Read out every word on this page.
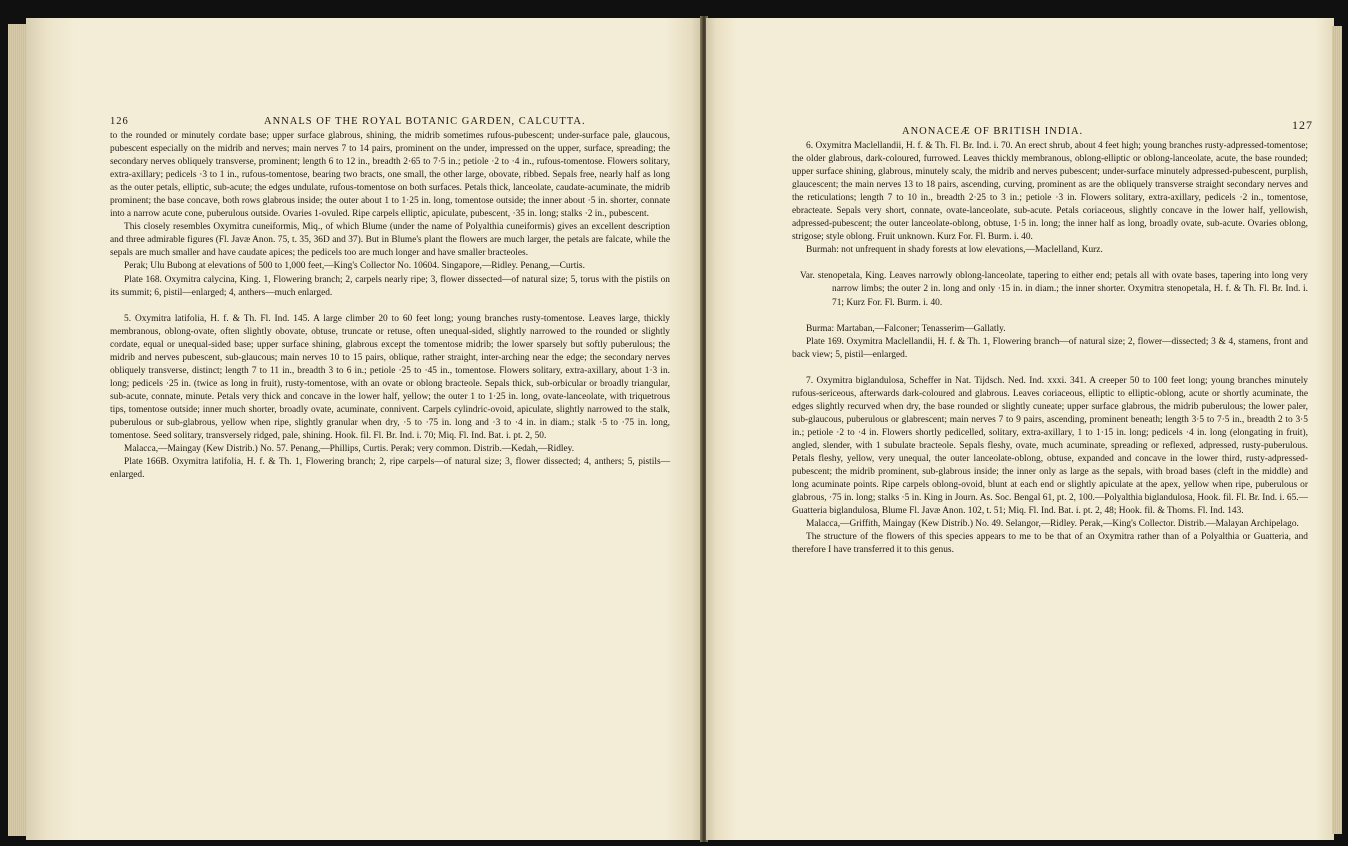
126	ANNALS OF THE ROYAL BOTANIC GARDEN, CALCUTTA.

to the rounded or minutely cordate base; upper surface glabrous, shining, the midrib sometimes rufous-pubescent; under-surface pale, glaucous, pubescent especially on the midrib and nerves; main nerves 7 to 14 pairs, prominent on the under, impressed on the upper, surface, spreading; the secondary nerves obliquely transverse, prominent; length 6 to 12 in., breadth 2·65 to 7·5 in.; petiole ·2 to ·4 in., rufous-tomentose. Flowers solitary, extra-axillary; pedicels ·3 to 1 in., rufous-tomentose, bearing two bracts, one small, the other large, obovate, ribbed. Sepals free, nearly half as long as the outer petals, elliptic, sub-acute; the edges undulate, rufous-tomentose on both surfaces. Petals thick, lanceolate, caudate-acuminate, the midrib prominent; the base concave, both rows glabrous inside; the outer about 1 to 1·25 in. long, tomentose outside; the inner about ·5 in. shorter, connate into a narrow acute cone, puberulous outside. Ovaries 1-ovuled. Ripe carpels elliptic, apiculate, pubescent, ·35 in. long; stalks ·2 in., pubescent.

This closely resembles Oxymitra cuneiformis, Miq., of which Blume (under the name of Polyalthia cuneiformis) gives an excellent description and three admirable figures (Fl. Javæ Anon. 75, t. 35, 36D and 37). But in Blume's plant the flowers are much larger, the petals are falcate, while the sepals are much smaller and have caudate apices; the pedicels too are much longer and have smaller bracteoles.

Perak; Ulu Bubong at elevations of 500 to 1,000 feet,—King's Collector No. 10604. Singapore,—Ridley. Penang,—Curtis.

Plate 168. Oxymitra calycina, King. 1, Flowering branch; 2, carpels nearly ripe; 3, flower dissected—of natural size; 5, torus with the pistils on its summit; 6, pistil—enlarged; 4, anthers—much enlarged.

5. Oxymitra latifolia, H. f. & Th. Fl. Ind. 145. A large climber 20 to 60 feet long; young branches rusty-tomentose. Leaves large, thickly membranous, oblong-ovate, often slightly obovate, obtuse, truncate or retuse, often unequal-sided, slightly narrowed to the rounded or slightly cordate, equal or unequal-sided base; upper surface shining, glabrous except the tomentose midrib; the lower sparsely but softly puberulous; the midrib and nerves pubescent, sub-glaucous; main nerves 10 to 15 pairs, oblique, rather straight, inter-arching near the edge; the secondary nerves obliquely transverse, distinct; length 7 to 11 in., breadth 3 to 6 in.; petiole ·25 to ·45 in., tomentose. Flowers solitary, extra-axillary, about 1·3 in. long; pedicels ·25 in. (twice as long in fruit), rusty-tomentose, with an ovate or oblong bracteole. Sepals thick, sub-orbicular or broadly triangular, sub-acute, connate, minute. Petals very thick and concave in the lower half, yellow; the outer 1 to 1·25 in. long, ovate-lanceolate, with triquetrous tips, tomentose outside; inner much shorter, broadly ovate, acuminate, connivent. Carpels cylindric-ovoid, apiculate, slightly narrowed to the stalk, puberulous or sub-glabrous, yellow when ripe, slightly granular when dry, ·5 to ·75 in. long and ·3 to ·4 in. in diam.; stalk ·5 to ·75 in. long, tomentose. Seed solitary, transversely ridged, pale, shining. Hook. fil. Fl. Br. Ind. i. 70; Miq. Fl. Ind. Bat. i. pt. 2, 50.

Malacca,—Maingay (Kew Distrib.) No. 57. Penang,—Phillips, Curtis. Perak; very common. Distrib.—Kedah,—Ridley.

Plate 166B. Oxymitra latifolia, H. f. & Th. 1, Flowering branch; 2, ripe carpels—of natural size; 3, flower dissected; 4, anthers; 5, pistils—enlarged.

ANONACEÆ OF BRITISH INDIA.	127

6. Oxymitra Maclellandii, H. f. & Th. Fl. Br. Ind. i. 70. An erect shrub, about 4 feet high; young branches rusty-adpressed-tomentose; the older glabrous, dark-coloured, furrowed. Leaves thickly membranous, oblong-elliptic or oblong-lanceolate, acute, the base rounded; upper surface shining, glabrous, minutely scaly, the midrib and nerves pubescent; under-surface minutely adpressed-pubescent, purplish, glaucescent; the main nerves 13 to 18 pairs, ascending, curving, prominent as are the obliquely transverse straight secondary nerves and the reticulations; length 7 to 10 in., breadth 2·25 to 3 in.; petiole ·3 in. Flowers solitary, extra-axillary, pedicels ·2 in., tomentose, ebracteate. Sepals very short, connate, ovate-lanceolate, sub-acute. Petals coriaceous, slightly concave in the lower half, yellowish, adpressed-pubescent; the outer lanceolate-oblong, obtuse, 1·5 in. long; the inner half as long, broadly ovate, sub-acute. Ovaries oblong, strigose; style oblong. Fruit unknown. Kurz For. Fl. Burm. i. 40.

Burmah: not unfrequent in shady forests at low elevations,—Maclelland, Kurz.

Var. stenopetala, King. Leaves narrowly oblong-lanceolate, tapering to either end; petals all with ovate bases, tapering into long very narrow limbs; the outer 2 in. long and only ·15 in. in diam.; the inner shorter. Oxymitra stenopetala, H. f. & Th. Fl. Br. Ind. i. 71; Kurz For. Fl. Burm. i. 40.

Burma: Martaban,—Falconer; Tenasserim—Gallatly.

Plate 169. Oxymitra Maclellandii, H. f. & Th. 1, Flowering branch—of natural size; 2, flower—dissected; 3 & 4, stamens, front and back view; 5, pistil—enlarged.

7. Oxymitra biglandulosa, Scheffer in Nat. Tijdsch. Ned. Ind. xxxi. 341. A creeper 50 to 100 feet long; young branches minutely rufous-sericeous, afterwards dark-coloured and glabrous. Leaves coriaceous, elliptic to elliptic-oblong, acute or shortly acuminate, the edges slightly recurved when dry, the base rounded or slightly cuneate; upper surface glabrous, the midrib puberulous; the lower paler, sub-glaucous, puberulous or glabrescent; main nerves 7 to 9 pairs, ascending, prominent beneath; length 3·5 to 7·5 in., breadth 2 to 3·5 in.; petiole ·2 to ·4 in. Flowers shortly pedicelled, solitary, extra-axillary, 1 to 1·15 in. long; pedicels ·4 in. long (elongating in fruit), angled, slender, with 1 subulate bracteole. Sepals fleshy, ovate, much acuminate, spreading or reflexed, adpressed, rusty-puberulous. Petals fleshy, yellow, very unequal, the outer lanceolate-oblong, obtuse, expanded and concave in the lower third, rusty-adpressed-pubescent; the midrib prominent, sub-glabrous inside; the inner only as large as the sepals, with broad bases (cleft in the middle) and long acuminate points. Ripe carpels oblong-ovoid, blunt at each end or slightly apiculate at the apex, yellow when ripe, puberulous or glabrous, ·75 in. long; stalks ·5 in. King in Journ. As. Soc. Bengal 61, pt. 2, 100.—Polyalthia biglandulosa, Hook. fil. Fl. Br. Ind. i. 65.—Guatteria biglandulosa, Blume Fl. Javæ Anon. 102, t. 51; Miq. Fl. Ind. Bat. i. pt. 2, 48; Hook. fil. & Thoms. Fl. Ind. 143.

Malacca,—Griffith, Maingay (Kew Distrib.) No. 49. Selangor,—Ridley. Perak,—King's Collector. Distrib.—Malayan Archipelago.

The structure of the flowers of this species appears to me to be that of an Oxymitra rather than of a Polyalthia or Guatteria, and therefore I have transferred it to this genus.
